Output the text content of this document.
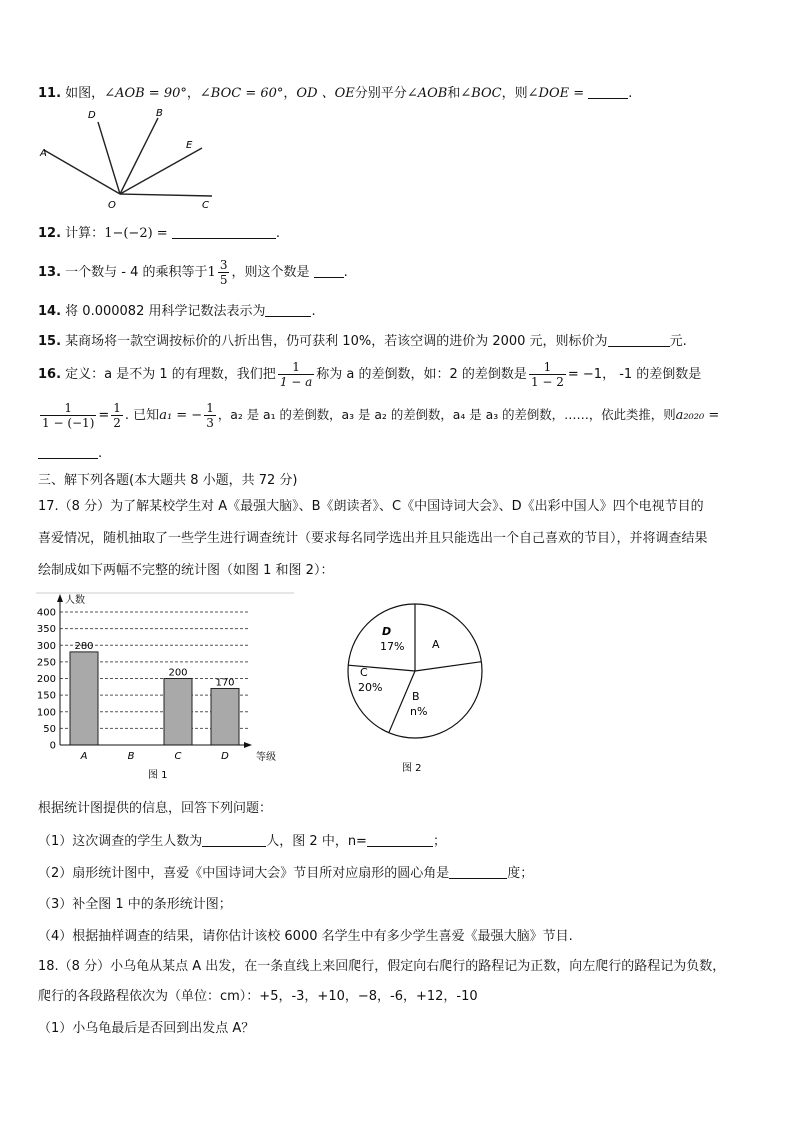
11. 如图，∠AOB = 90°，∠BOC = 60°，OD 、OE分别平分∠AOB和∠BOC，则∠DOE =	.
A
D	B
E
O	C
12. 计算：1−(−2) =	.
13. 一个数与 - 4 的乘积等于$1 \frac{3}{5}$ ，则这个数是	.
14. 将 0.000082 用科学记数法表示为	.
15. 某商场将一款空调按标价的八折出售，仍可获利 10%，若该空调的进价为 2000 元，则标价为	元.
16. 定义：a 是不为 1 的有理数，我们把 $\frac{1}{1 - a}$ 称为 a 的差倒数，如：2 的差倒数是 $\frac{1}{1 - 2} = -1$， -1 的差倒数是
$\frac{1}{1 - (-1)} = \frac{1}{2}$ . 已知a₁ = − $\frac{1}{3}$ ，a₂ 是 a₁ 的差倒数，a₃ 是 a₂ 的差倒数，a₄ 是 a₃ 的差倒数，……，依此类推，则a₂₀₂₀ =
.
三、解下列各题(本大题共 8 小题，共 72 分)
17.（8 分）为了解某校学生对 A《最强大脑》、B《朗读者》、C《中国诗词大会》、D《出彩中国人》四个电视节目的
喜爱情况，随机抽取了一些学生进行调查统计（要求每名同学选出并且只能选出一个自己喜欢的节目），并将调查结果
绘制成如下两幅不完整的统计图（如图 1 和图 2）：
0
50
100
150
200
250
300
350
400
280
200
170
A	B	C	D
人数
等级
图 1
D
17%	A
C
20%
B
n%
图 2
根据统计图提供的信息，回答下列问题：
（1）这次调查的学生人数为	人，图 2 中，n=	；
（2）扇形统计图中，喜爱《中国诗词大会》节目所对应扇形的圆心角是	度；
（3）补全图 1 中的条形统计图；
（4）根据抽样调查的结果，请你估计该校 6000 名学生中有多少学生喜爱《最强大脑》节目.
18.（8 分）小乌龟从某点 A 出发，在一条直线上来回爬行，假定向右爬行的路程记为正数，向左爬行的路程记为负数，
爬行的各段路程依次为（单位：cm）：+5，-3，+10，−8，-6，+12，-10
（1）小乌龟最后是否回到出发点 A？
